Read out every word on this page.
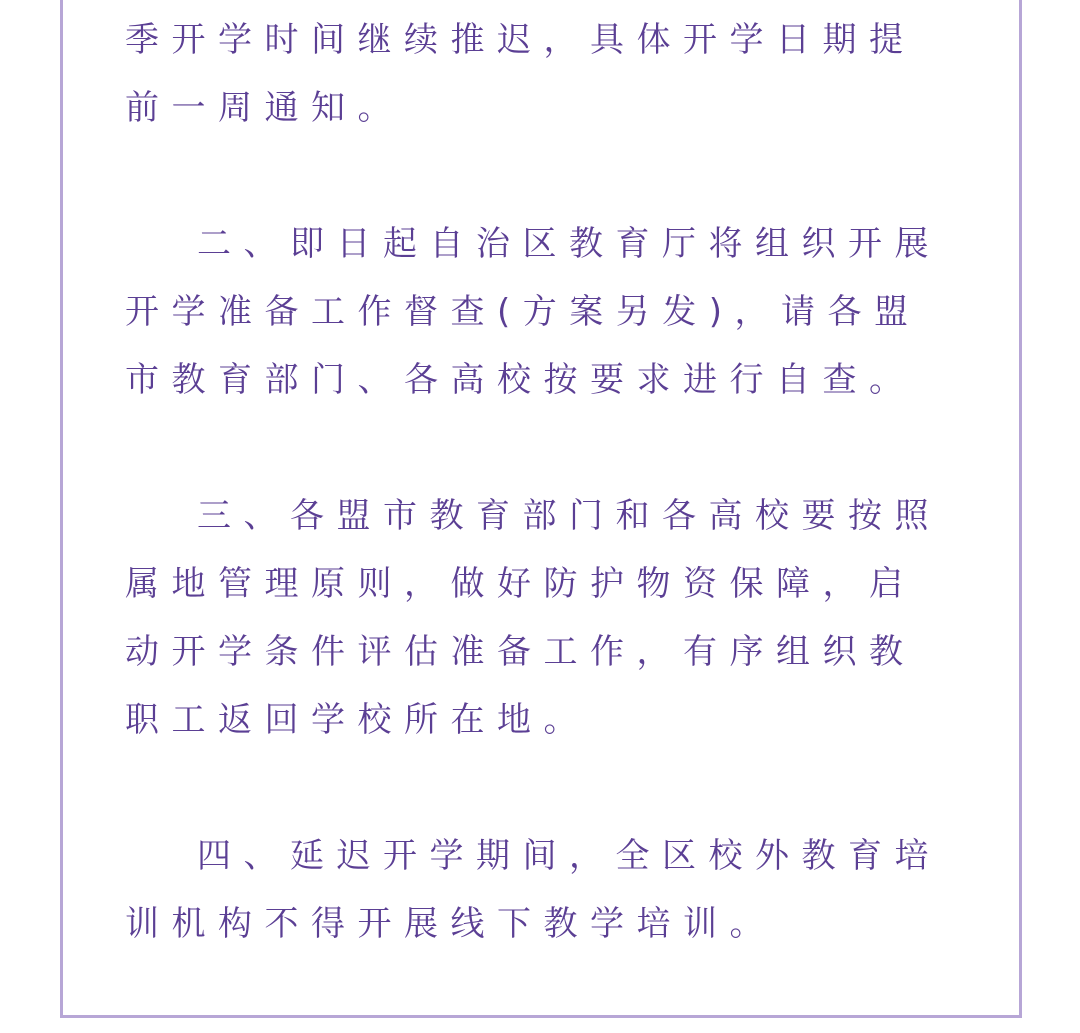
季开学时间继续推迟，具体开学日期提前一周通知。

二、即日起自治区教育厅将组织开展开学准备工作督查(方案另发)，请各盟市教育部门、各高校按要求进行自查。

三、各盟市教育部门和各高校要按照属地管理原则，做好防护物资保障，启动开学条件评估准备工作，有序组织教职工返回学校所在地。

四、延迟开学期间，全区校外教育培训机构不得开展线下教学培训。
